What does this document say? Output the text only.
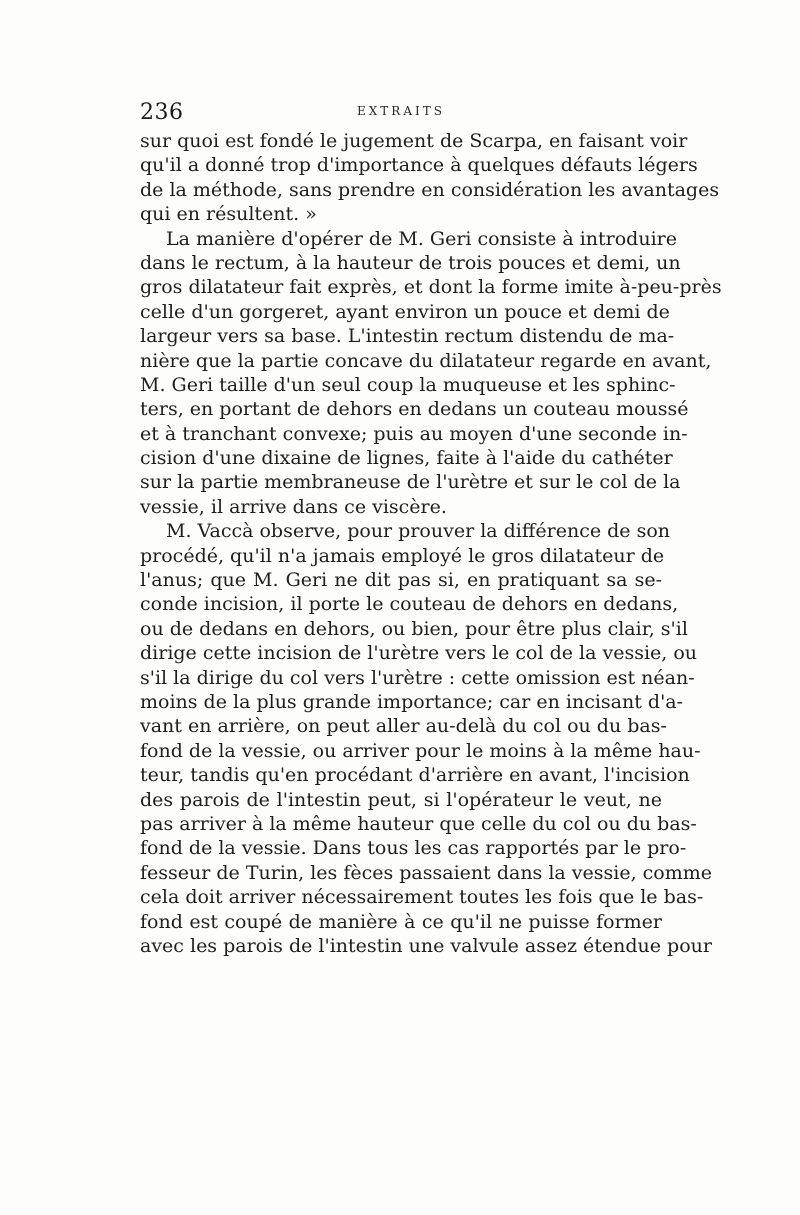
236	EXTRAITS
sur quoi est fondé le jugement de Scarpa, en faisant voir
qu'il a donné trop d'importance à quelques défauts légers
de la méthode, sans prendre en considération les avantages
qui en résultent. »
La manière d'opérer de M. Geri consiste à introduire
dans le rectum, à la hauteur de trois pouces et demi, un
gros dilatateur fait exprès, et dont la forme imite à-peu-près
celle d'un gorgeret, ayant environ un pouce et demi de
largeur vers sa base. L'intestin rectum distendu de ma-
nière que la partie concave du dilatateur regarde en avant,
M. Geri taille d'un seul coup la muqueuse et les sphinc-
ters, en portant de dehors en dedans un couteau moussé
et à tranchant convexe; puis au moyen d'une seconde in-
cision d'une dixaine de lignes, faite à l'aide du cathéter
sur la partie membraneuse de l'urètre et sur le col de la
vessie, il arrive dans ce viscère.
M. Vaccà observe, pour prouver la différence de son
procédé, qu'il n'a jamais employé le gros dilatateur de
l'anus; que M. Geri ne dit pas si, en pratiquant sa se-
conde incision, il porte le couteau de dehors en dedans,
ou de dedans en dehors, ou bien, pour être plus clair, s'il
dirige cette incision de l'urètre vers le col de la vessie, ou
s'il la dirige du col vers l'urètre : cette omission est néan-
moins de la plus grande importance; car en incisant d'a-
vant en arrière, on peut aller au-delà du col ou du bas-
fond de la vessie, ou arriver pour le moins à la même hau-
teur, tandis qu'en procédant d'arrière en avant, l'incision
des parois de l'intestin peut, si l'opérateur le veut, ne
pas arriver à la même hauteur que celle du col ou du bas-
fond de la vessie. Dans tous les cas rapportés par le pro-
fesseur de Turin, les fèces passaient dans la vessie, comme
cela doit arriver nécessairement toutes les fois que le bas-
fond est coupé de manière à ce qu'il ne puisse former
avec les parois de l'intestin une valvule assez étendue pour
